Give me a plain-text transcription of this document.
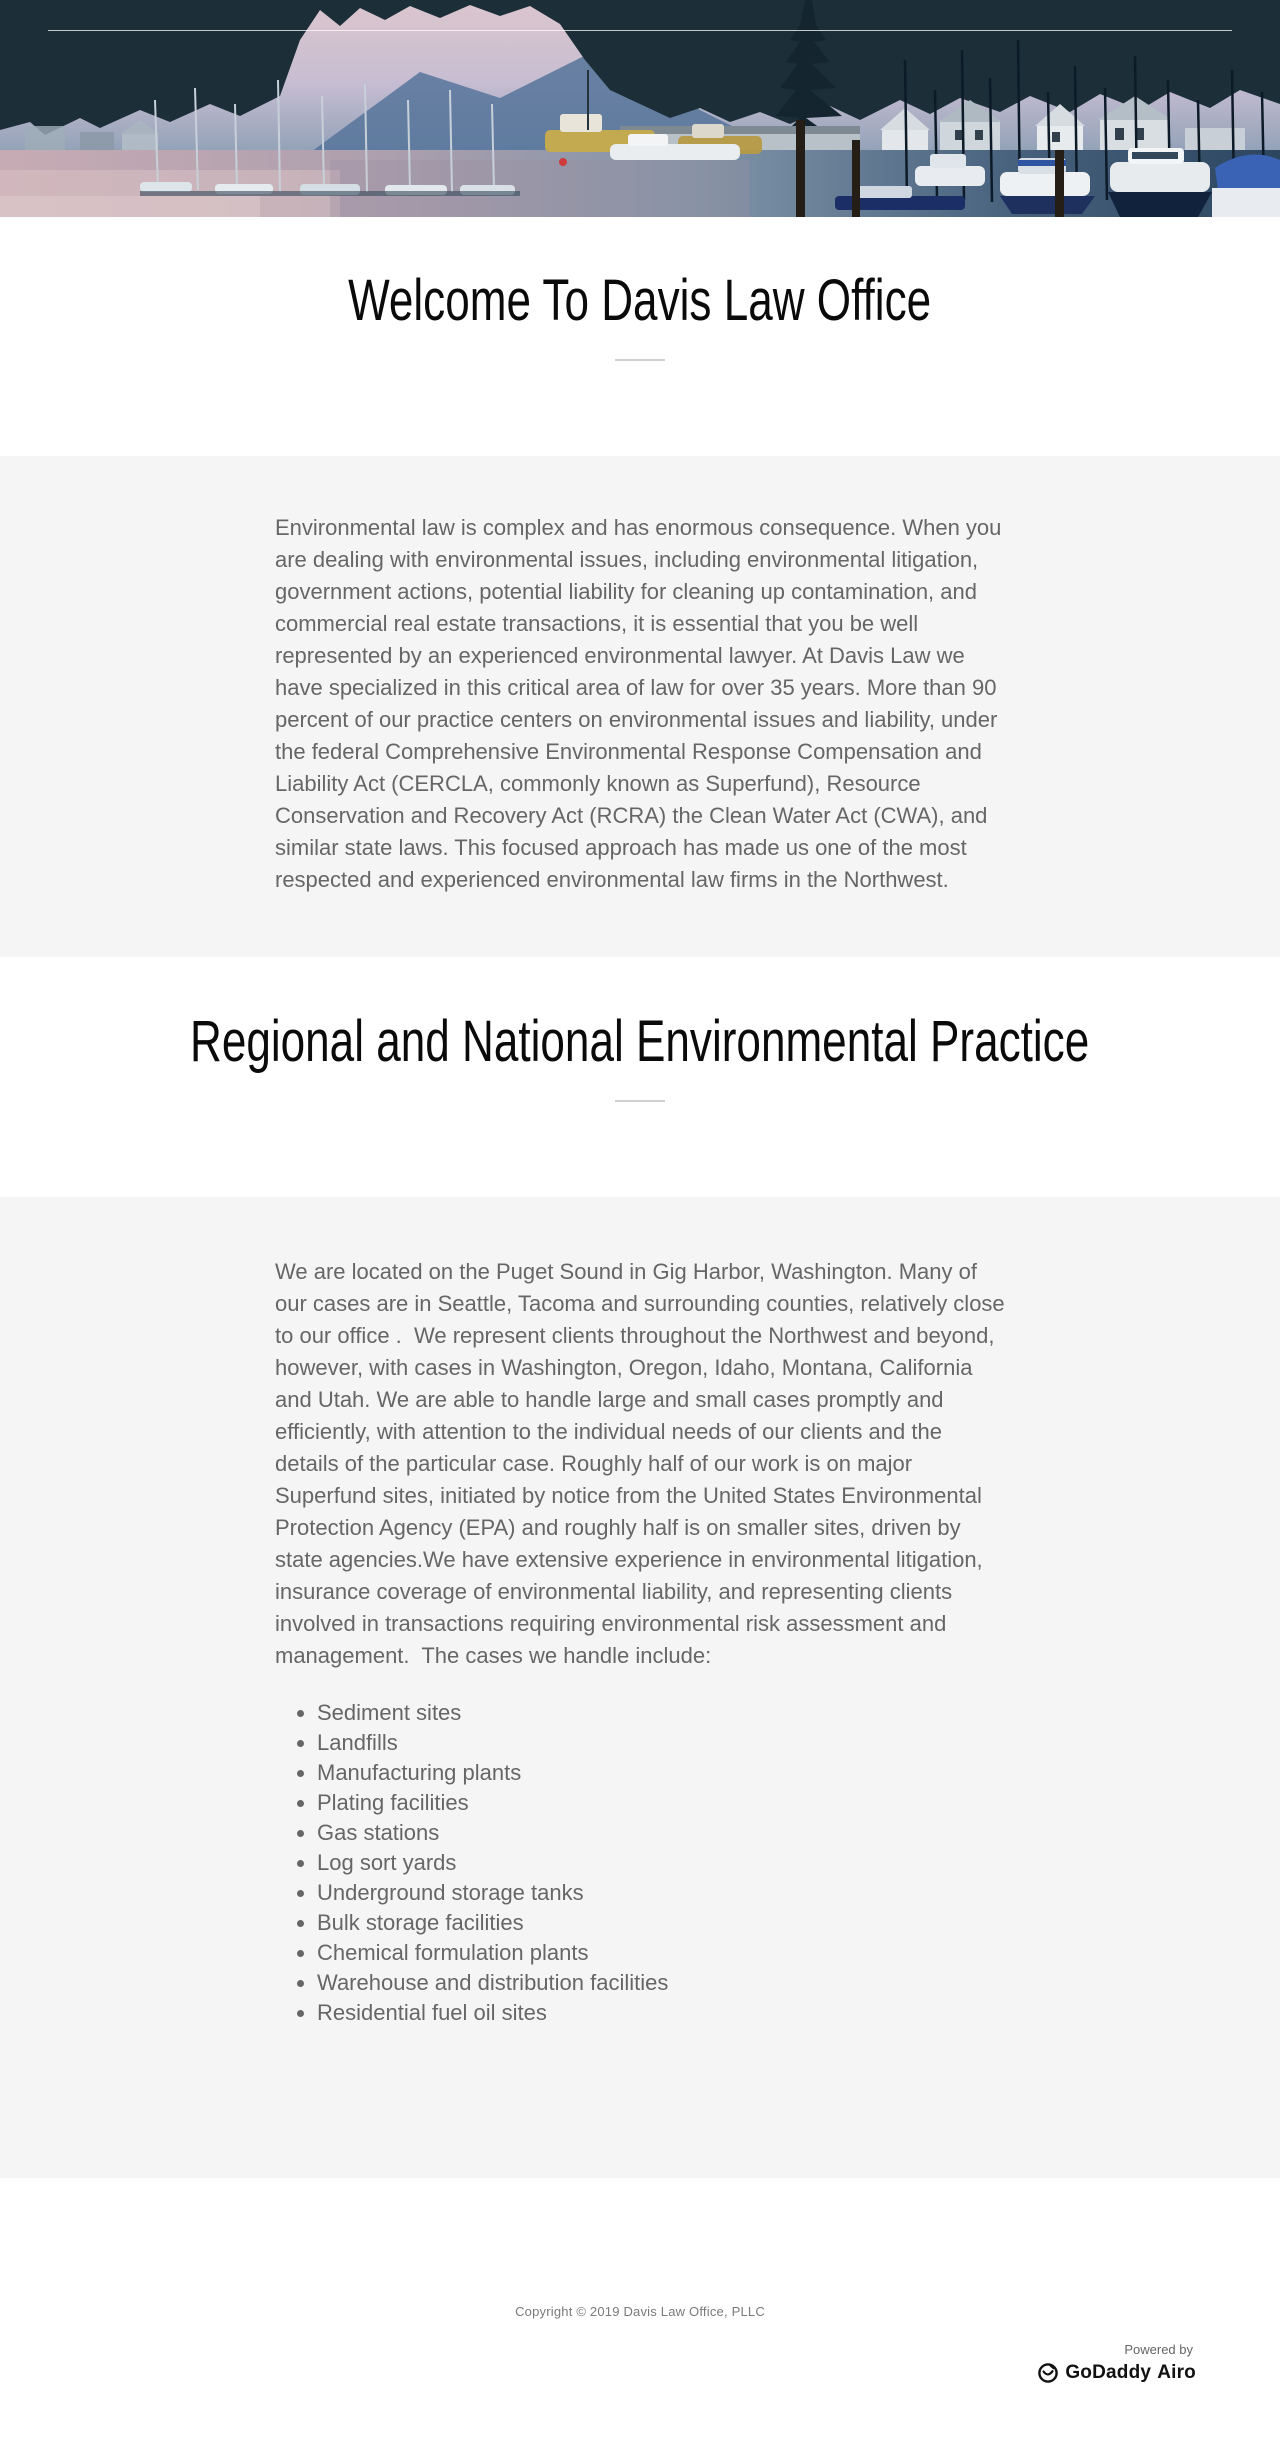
Welcome To Davis Law Office

Environmental law is complex and has enormous consequence. When you are dealing with environmental issues, including environmental litigation, government actions, potential liability for cleaning up contamination, and commercial real estate transactions, it is essential that you be well represented by an experienced environmental lawyer. At Davis Law we have specialized in this critical area of law for over 35 years. More than 90 percent of our practice centers on environmental issues and liability, under the federal Comprehensive Environmental Response Compensation and Liability Act (CERCLA, commonly known as Superfund), Resource Conservation and Recovery Act (RCRA) the Clean Water Act (CWA), and similar state laws. This focused approach has made us one of the most respected and experienced environmental law firms in the Northwest.

Regional and National Environmental Practice

We are located on the Puget Sound in Gig Harbor, Washington. Many of our cases are in Seattle, Tacoma and surrounding counties, relatively close to our office .  We represent clients throughout the Northwest and beyond, however, with cases in Washington, Oregon, Idaho, Montana, California and Utah. We are able to handle large and small cases promptly and efficiently, with attention to the individual needs of our clients and the details of the particular case. Roughly half of our work is on major Superfund sites, initiated by notice from the United States Environmental Protection Agency (EPA) and roughly half is on smaller sites, driven by state agencies.We have extensive experience in environmental litigation, insurance coverage of environmental liability, and representing clients involved in transactions requiring environmental risk assessment and management.  The cases we handle include:

• Sediment sites
• Landfills
• Manufacturing plants
• Plating facilities
• Gas stations
• Log sort yards
• Underground storage tanks
• Bulk storage facilities
• Chemical formulation plants
• Warehouse and distribution facilities
• Residential fuel oil sites
Copyright © 2019 Davis Law Office, PLLC
Powered by
GoDaddy Airo
